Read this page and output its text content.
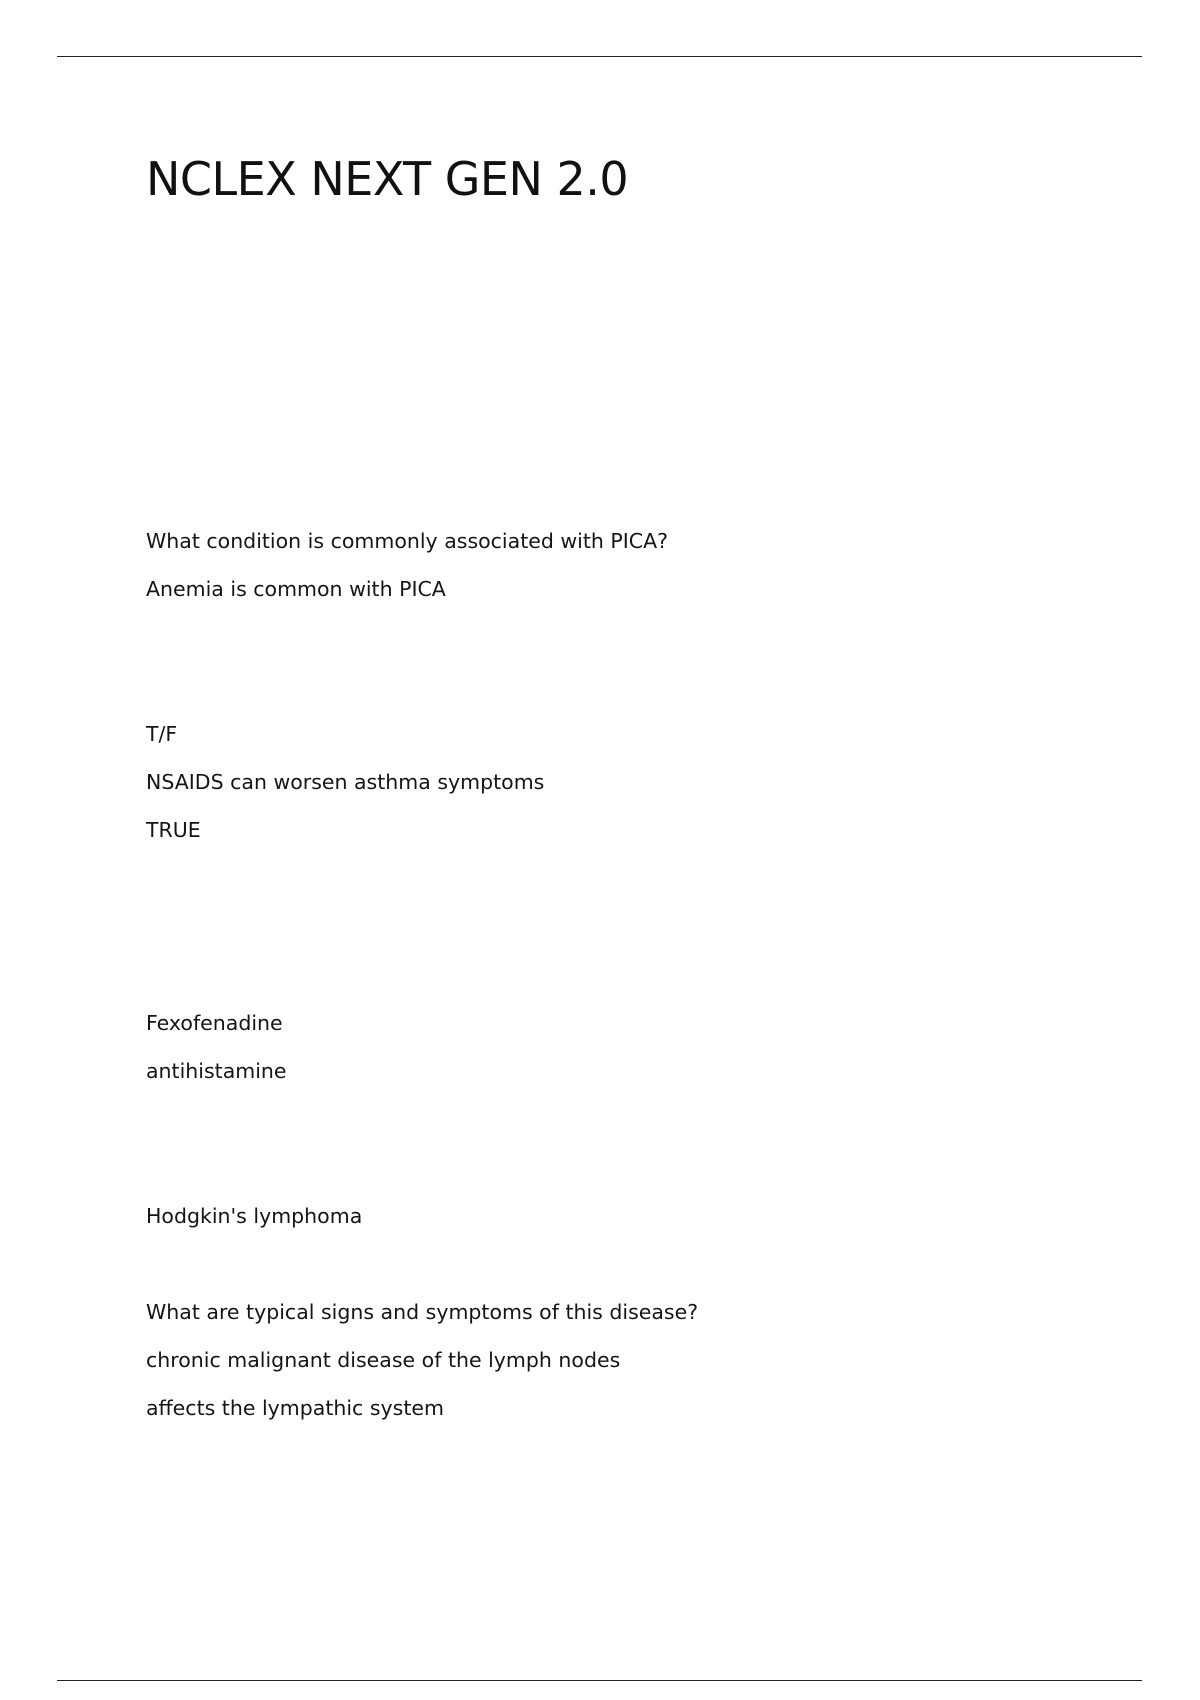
NCLEX NEXT GEN 2.0

What condition is commonly associated with PICA?

Anemia is common with PICA

T/F

NSAIDS can worsen asthma symptoms

TRUE

Fexofenadine

antihistamine

Hodgkin's lymphoma

What are typical signs and symptoms of this disease?

chronic malignant disease of the lymph nodes

affects the lympathic system
